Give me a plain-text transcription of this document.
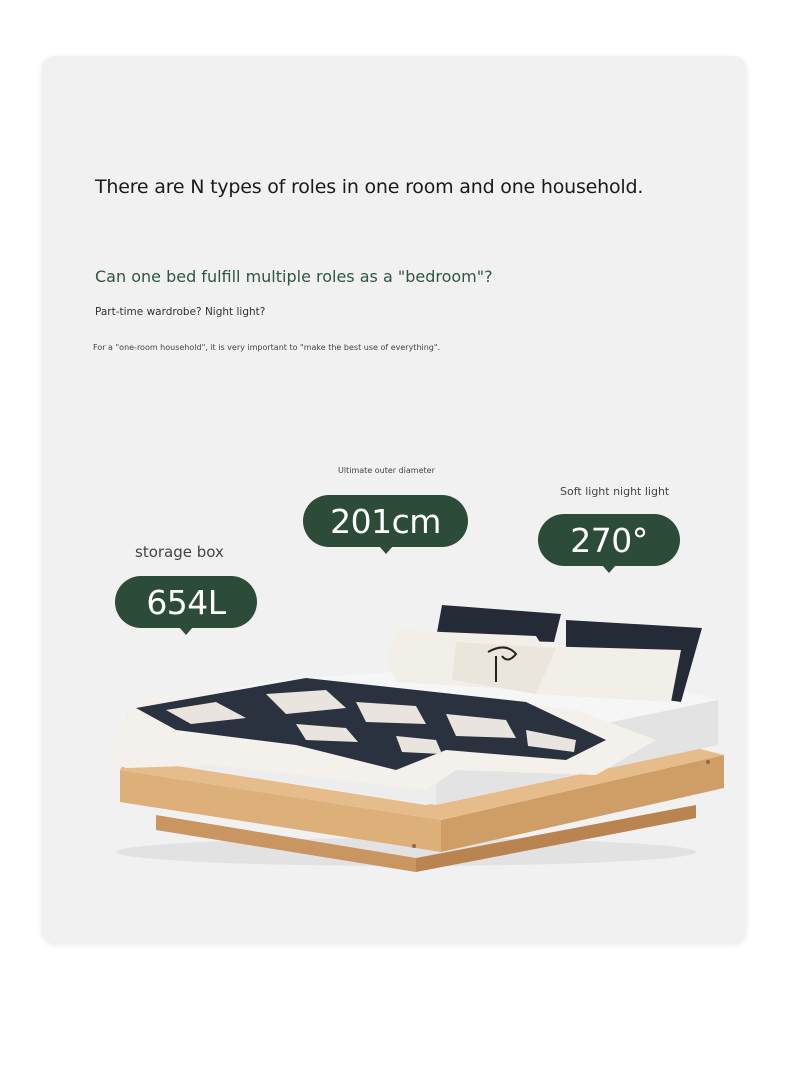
There are N types of roles in one room and one household.
Can one bed fulfill multiple roles as a "bedroom"?
Part-time wardrobe? Night light?
For a "one-room household", it is very important to "make the best use of everything".
storage box
654L
Ultimate outer diameter
201cm
Soft light night light
270°
